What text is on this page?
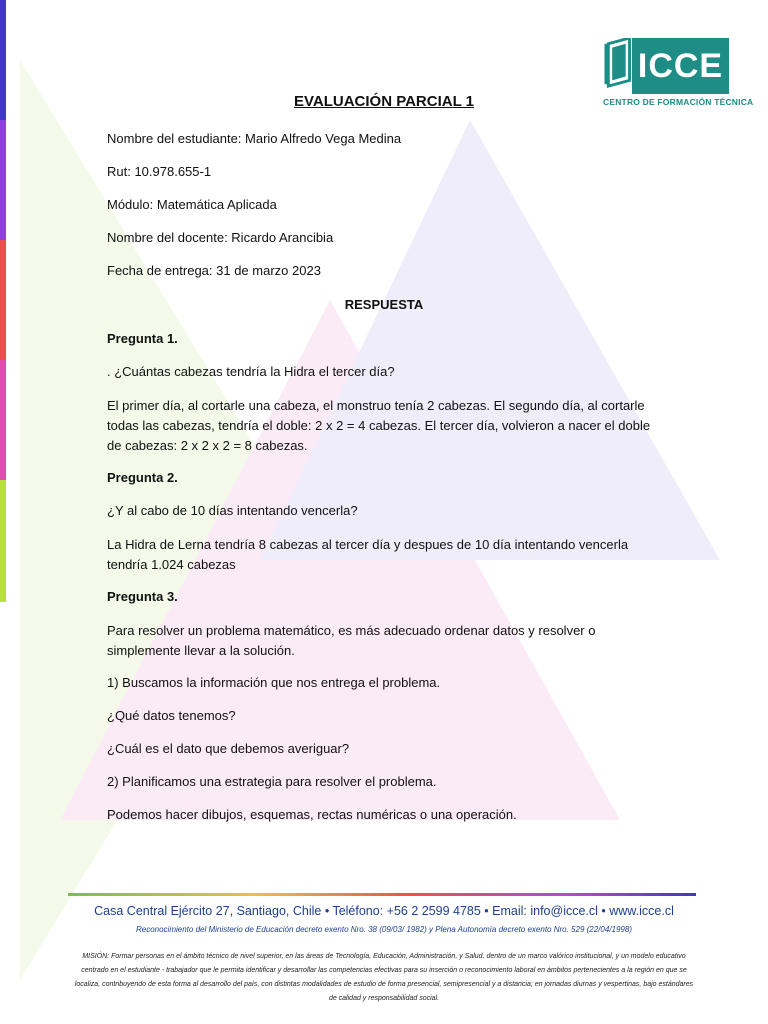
ICCE
CENTRO DE FORMACIÓN TÉCNICA
EVALUACIÓN PARCIAL 1
Nombre del estudiante: Mario Alfredo Vega Medina
Rut: 10.978.655-1
Módulo: Matemática Aplicada
Nombre del docente: Ricardo Arancibia
Fecha de entrega: 31 de marzo 2023
RESPUESTA
Pregunta 1.
. ¿Cuántas cabezas tendría la Hidra el tercer día?
El primer día, al cortarle una cabeza, el monstruo tenía 2 cabezas. El segundo día, al cortarle todas las cabezas, tendría el doble: 2 x 2 = 4 cabezas. El tercer día, volvieron a nacer el doble de cabezas: 2 x 2 x 2 = 8 cabezas.
Pregunta 2.
¿Y al cabo de 10 días intentando vencerla?
La Hidra de Lerna tendría 8 cabezas al tercer día y despues de 10 día intentando vencerla tendría 1.024 cabezas
Pregunta 3.
Para resolver un problema matemático, es más adecuado ordenar datos y resolver o simplemente llevar a la solución.
1) Buscamos la información que nos entrega el problema.
¿Qué datos tenemos?
¿Cuál es el dato que debemos averiguar?
2) Planificamos una estrategia para resolver el problema.
Podemos hacer dibujos, esquemas, rectas numéricas o una operación.
Casa Central Ejército 27, Santiago, Chile • Teléfono: +56 2 2599 4785 • Email: info@icce.cl • www.icce.cl
Reconocimiento del Ministerio de Educación decreto exento Nro. 38 (09/03/ 1982) y Plena Autonomía decreto exento Nro. 529 (22/04/1998)
MISIÓN: Formar personas en el ámbito técnico de nivel superior, en las áreas de Tecnología, Educación, Administración, y Salud, dentro de un marco valórico institucional, y un modelo educativo centrado en el estudiante - trabajador que le permita identificar y desarrollar las competencias efectivas para su inserción o reconocimiento laboral en ámbitos pertenecientes a la región en que se localiza, contribuyendo de esta forma al desarrollo del país, con distintas modalidades de estudio de forma presencial, semipresencial y a distancia; en jornadas diurnas y vespertinas, bajo estándares de calidad y responsabilidad social.
